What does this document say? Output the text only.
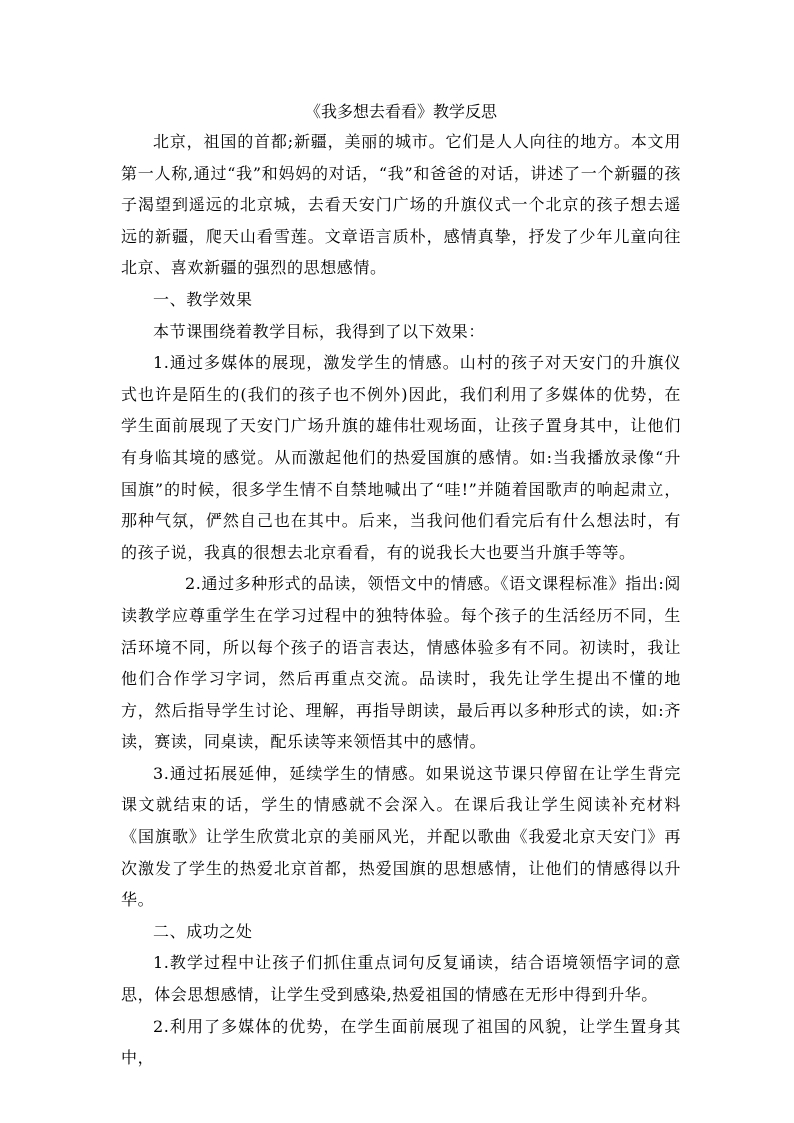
《我多想去看看》教学反思

北京，祖国的首都;新疆，美丽的城市。它们是人人向往的地方。本文用第一人称,通过“我”和妈妈的对话，“我”和爸爸的对话，讲述了一个新疆的孩子渴望到遥远的北京城，去看天安门广场的升旗仪式一个北京的孩子想去遥远的新疆，爬天山看雪莲。文章语言质朴，感情真挚，抒发了少年儿童向往北京、喜欢新疆的强烈的思想感情。

一、教学效果

本节课围绕着教学目标，我得到了以下效果：

1.通过多媒体的展现，激发学生的情感。山村的孩子对天安门的升旗仪式也许是陌生的(我们的孩子也不例外)因此，我们利用了多媒体的优势，在学生面前展现了天安门广场升旗的雄伟壮观场面，让孩子置身其中，让他们有身临其境的感觉。从而激起他们的热爱国旗的感情。如:当我播放录像“升国旗”的时候，很多学生情不自禁地喊出了“哇!”并随着国歌声的响起肃立，那种气氛，俨然自己也在其中。后来，当我问他们看完后有什么想法时，有的孩子说，我真的很想去北京看看，有的说我长大也要当升旗手等等。

2.通过多种形式的品读，领悟文中的情感。《语文课程标准》指出:阅读教学应尊重学生在学习过程中的独特体验。每个孩子的生活经历不同，生活环境不同，所以每个孩子的语言表达，情感体验多有不同。初读时，我让他们合作学习字词，然后再重点交流。品读时，我先让学生提出不懂的地方，然后指导学生讨论、理解，再指导朗读，最后再以多种形式的读，如:齐读，赛读，同桌读，配乐读等来领悟其中的感情。

3.通过拓展延伸，延续学生的情感。如果说这节课只停留在让学生背完课文就结束的话，学生的情感就不会深入。在课后我让学生阅读补充材料《国旗歌》让学生欣赏北京的美丽风光，并配以歌曲《我爱北京天安门》再次激发了学生的热爱北京首都，热爱国旗的思想感情，让他们的情感得以升华。

二、成功之处

1.教学过程中让孩子们抓住重点词句反复诵读，结合语境领悟字词的意思，体会思想感情，让学生受到感染,热爱祖国的情感在无形中得到升华。

2.利用了多媒体的优势，在学生面前展现了祖国的风貌，让学生置身其中，
